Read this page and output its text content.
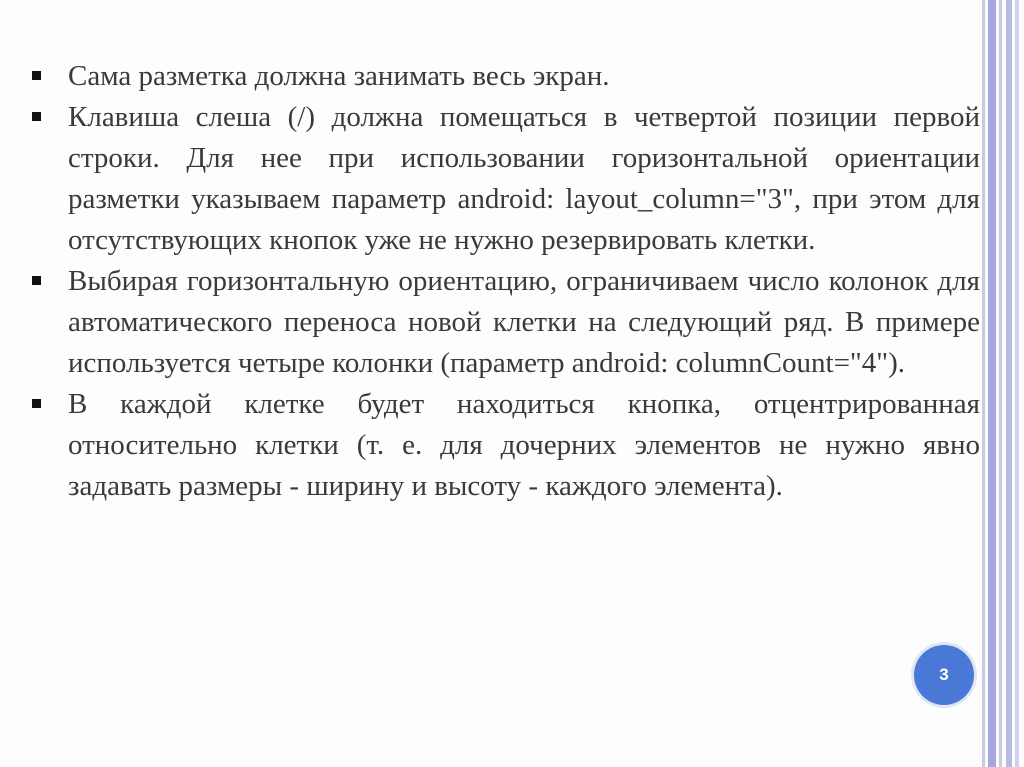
Сама разметка должна занимать весь экран.

Клавиша слеша (/) должна помещаться в четвертой позиции первой строки. Для нее при использовании горизонтальной ориентации разметки указываем параметр android: layout_column="3", при этом для отсутствующих кнопок уже не нужно резервировать клетки.

Выбирая горизонтальную ориентацию, ограничиваем число колонок для автоматического переноса новой клетки на следующий ряд. В примере используется четыре колонки (параметр android: columnCount="4").

В каждой клетке будет находиться кнопка, отцентрированная относительно клетки (т. е. для дочерних элементов не нужно явно задавать размеры - ширину и высоту - каждого элемента).

3
